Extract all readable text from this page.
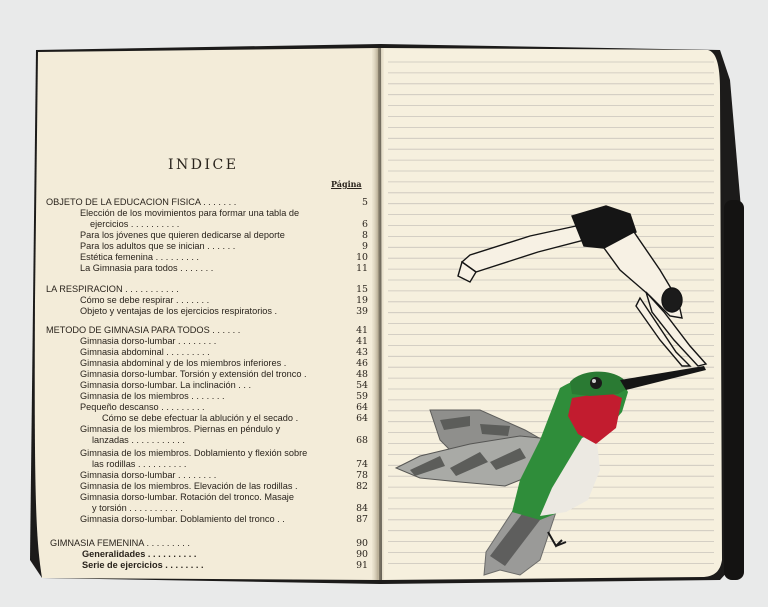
INDICE
Página
OBJETO DE LA EDUCACION FISICA . . . . . . .	5
Elección de los movimientos para formar una tabla de
ejercicios . . . . . . . . . .	6
Para los jóvenes que quieren dedicarse al deporte	8
Para los adultos que se inician . . . . . .	9
Estética femenina . . . . . . . . .	10
La Gimnasia para todos . . . . . . .	11
LA RESPIRACION . . . . . . . . . . .	15
Cómo se debe respirar . . . . . . .	19
Objeto y ventajas de los ejercicios respiratorios .	39
METODO DE GIMNASIA PARA TODOS . . . . . .	41
Gimnasia dorso-lumbar . . . . . . . .	41
Gimnasia abdominal . . . . . . . . .	43
Gimnasia abdominal y de los miembros inferiores .	46
Gimnasia dorso-lumbar. Torsión y extensión del tronco .	48
Gimnasia dorso-lumbar. La inclinación . . .	54
Gimnasia de los miembros . . . . . . .	59
Pequeño descanso . . . . . . . . .	64
Cómo se debe efectuar la ablución y el secado .	64
Gimnasia de los miembros. Piernas en péndulo y
lanzadas . . . . . . . . . . .	68
Gimnasia de los miembros. Doblamiento y flexión sobre
las rodillas . . . . . . . . . .	74
Gimnasia dorso-lumbar . . . . . . . .	78
Gimnasia de los miembros. Elevación de las rodillas .	82
Gimnasia dorso-lumbar. Rotación del tronco. Masaje
y torsión . . . . . . . . . . .	84
Gimnasia dorso-lumbar. Doblamiento del tronco . .	87
GIMNASIA FEMENINA . . . . . . . . .	90
Generalidades . . . . . . . . . .	90
Serie de ejercicios . . . . . . . .	91
